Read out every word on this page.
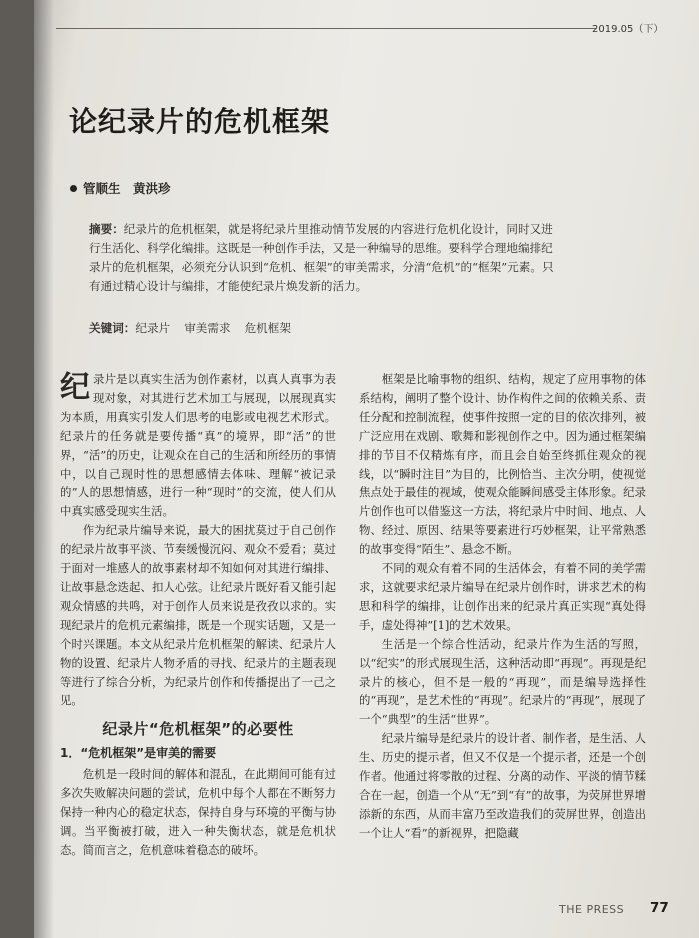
2019.05（下）
论纪录片的危机框架
管顺生　黄洪珍
摘要：纪录片的危机框架，就是将纪录片里推动情节发展的内容进行危机化设计，同时又进行生活化、科学化编排。这既是一种创作手法，又是一种编导的思维。要科学合理地编排纪录片的危机框架，必须充分认识到“危机、框架”的审美需求，分清“危机”的“框架”元素。只有通过精心设计与编排，才能使纪录片焕发新的活力。
关键词：纪录片 审美需求 危机框架

纪录片是以真实生活为创作素材，以真人真事为表现对象，对其进行艺术加工与展现，以展现真实为本质，用真实引发人们思考的电影或电视艺术形式。纪录片的任务就是要传播“真”的境界，即“活”的世界，“活”的历史，让观众在自己的生活和所经历的事情中，以自己现时性的思想感情去体味、理解“被记录的”人的思想情感，进行一种“现时”的交流，使人们从中真实感受现实生活。

作为纪录片编导来说，最大的困扰莫过于自己创作的纪录片故事平淡、节奏缓慢沉闷、观众不爱看；莫过于面对一堆感人的故事素材却不知如何对其进行编排、让故事悬念迭起、扣人心弦。让纪录片既好看又能引起观众情感的共鸣，对于创作人员来说是孜孜以求的。实现纪录片的危机元素编排，既是一个现实话题，又是一个时兴课题。本文从纪录片危机框架的解读、纪录片人物的设置、纪录片人物矛盾的寻找、纪录片的主题表现等进行了综合分析，为纪录片创作和传播提出了一己之见。

纪录片“危机框架”的必要性
1．“危机框架”是审美的需要

危机是一段时间的解体和混乱，在此期间可能有过多次失败解决问题的尝试，危机中每个人都在不断努力保持一种内心的稳定状态，保持自身与环境的平衡与协调。当平衡被打破，进入一种失衡状态，就是危机状态。简而言之，危机意味着稳态的破坏。

框架是比喻事物的组织、结构，规定了应用事物的体系结构，阐明了整个设计、协作构件之间的依赖关系、责任分配和控制流程，使事件按照一定的目的依次排列，被广泛应用在戏剧、歌舞和影视创作之中。因为通过框架编排的节目不仅精炼有序，而且会自始至终抓住观众的视线，以“瞬时注目”为目的，比例恰当、主次分明，使视觉焦点处于最佳的视域，使观众能瞬间感受主体形象。纪录片创作也可以借鉴这一方法，将纪录片中时间、地点、人物、经过、原因、结果等要素进行巧妙框架，让平常熟悉的故事变得“陌生”、悬念不断。

不同的观众有着不同的生活体会，有着不同的美学需求，这就要求纪录片编导在纪录片创作时，讲求艺术的构思和科学的编排，让创作出来的纪录片真正实现“真处得手，虚处得神”[1]的艺术效果。

生活是一个综合性活动，纪录片作为生活的写照，以“纪实”的形式展现生活，这种活动即“再现”。再现是纪录片的核心，但不是一般的“再现”，而是编导选择性的“再现”，是艺术性的“再现”。纪录片的“再现”，展现了一个“典型”的生活“世界”。

纪录片编导是纪录片的设计者、制作者，是生活、人生、历史的提示者，但又不仅是一个提示者，还是一个创作者。他通过将零散的过程、分离的动作、平淡的情节糅合在一起，创造一个从“无”到“有”的故事，为荧屏世界增添新的东西，从而丰富乃至改造我们的荧屏世界，创造出一个让人“看”的新视界，把隐藏

THE PRESS 77
